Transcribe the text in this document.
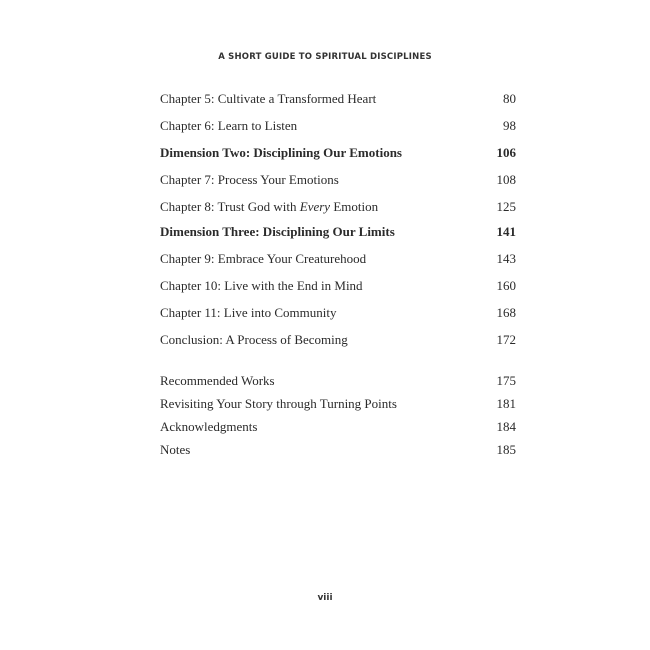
A SHORT GUIDE TO SPIRITUAL DISCIPLINES
Chapter 5: Cultivate a Transformed Heart	80
Chapter 6: Learn to Listen	98
Dimension Two: Disciplining Our Emotions	106
Chapter 7: Process Your Emotions	108
Chapter 8: Trust God with Every Emotion	125
Dimension Three: Disciplining Our Limits	141
Chapter 9: Embrace Your Creaturehood	143
Chapter 10: Live with the End in Mind	160
Chapter 11: Live into Community	168
Conclusion: A Process of Becoming	172
Recommended Works	175
Revisiting Your Story through Turning Points	181
Acknowledgments	184
Notes	185
viii
